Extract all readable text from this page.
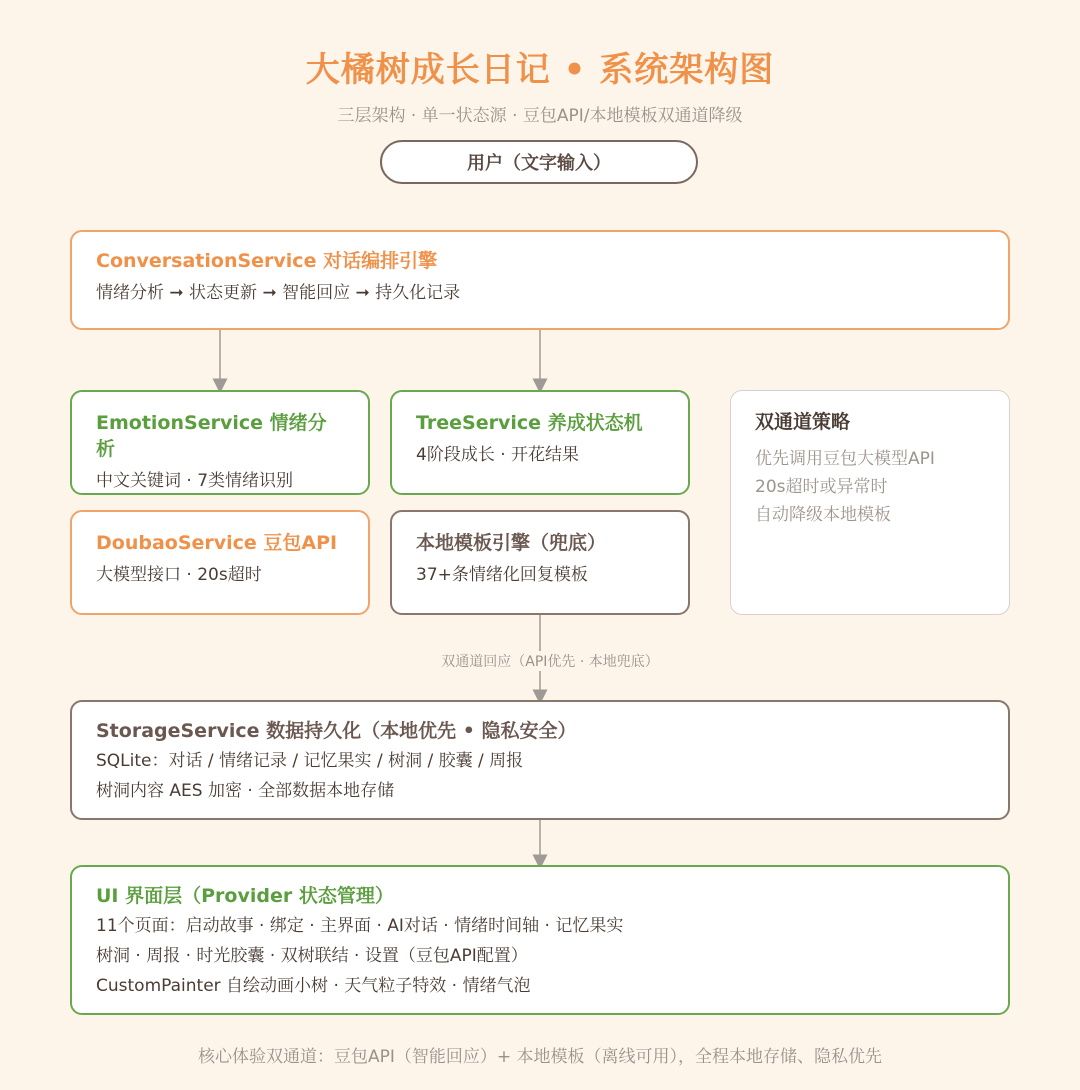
大橘树成长日记 • 系统架构图
三层架构 · 单一状态源 · 豆包API/本地模板双通道降级
用户（文字输入）
ConversationService 对话编排引擎
情绪分析 ➞ 状态更新 ➞ 智能回应 ➞ 持久化记录
EmotionService 情绪分析
中文关键词 · 7类情绪识别
TreeService 养成状态机
4阶段成长 · 开花结果
DoubaoService 豆包API
大模型接口 · 20s超时
本地模板引擎（兜底）
37+条情绪化回复模板
双通道策略
优先调用豆包大模型API
20s超时或异常时
自动降级本地模板
双通道回应（API优先 · 本地兜底）
StorageService 数据持久化（本地优先 • 隐私安全）
SQLite：对话 / 情绪记录 / 记忆果实 / 树洞 / 胶囊 / 周报
树洞内容 AES 加密 · 全部数据本地存储
UI 界面层（Provider 状态管理）
11个页面：启动故事 · 绑定 · 主界面 · AI对话 · 情绪时间轴 · 记忆果实
树洞 · 周报 · 时光胶囊 · 双树联结 · 设置（豆包API配置）
CustomPainter 自绘动画小树 · 天气粒子特效 · 情绪气泡
核心体验双通道：豆包API（智能回应）+ 本地模板（离线可用），全程本地存储、隐私优先
